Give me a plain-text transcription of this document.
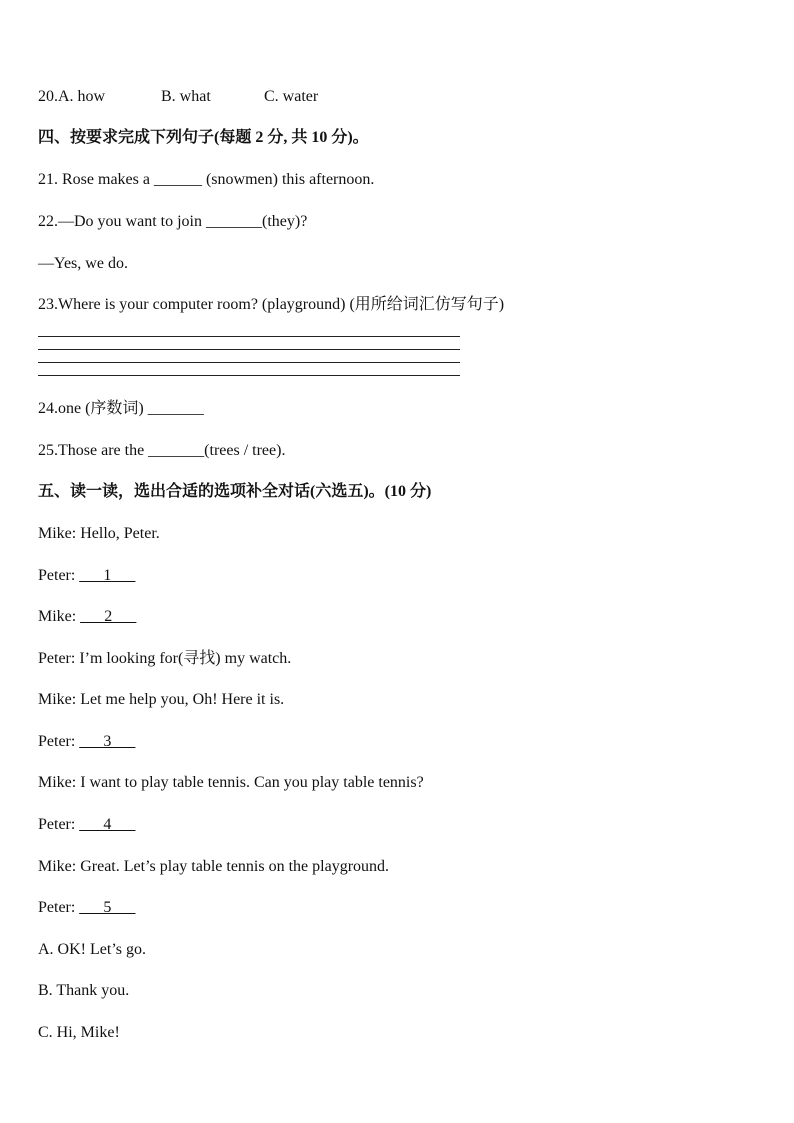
20.A. how	B. what	C. water
四、按要求完成下列句子(每题 2 分, 共 10 分)。
21. Rose makes a ______ (snowmen) this afternoon.
22.—Do you want to join _______(they)?
—Yes, we do.
23.Where is your computer room? (playground) (用所给词汇仿写句子)
24.one (序数词) _______
25.Those are the _______(trees / tree).
五、读一读，选出合适的选项补全对话(六选五)。(10 分)
Mike: Hello, Peter.
Peter: ___1___
Mike: ___2___
Peter: I’m looking for(寻找) my watch.
Mike: Let me help you, Oh! Here it is.
Peter: ___3___
Mike: I want to play table tennis. Can you play table tennis?
Peter: ___4___
Mike: Great. Let’s play table tennis on the playground.
Peter: ___5___
A. OK! Let’s go.
B. Thank you.
C. Hi, Mike!
